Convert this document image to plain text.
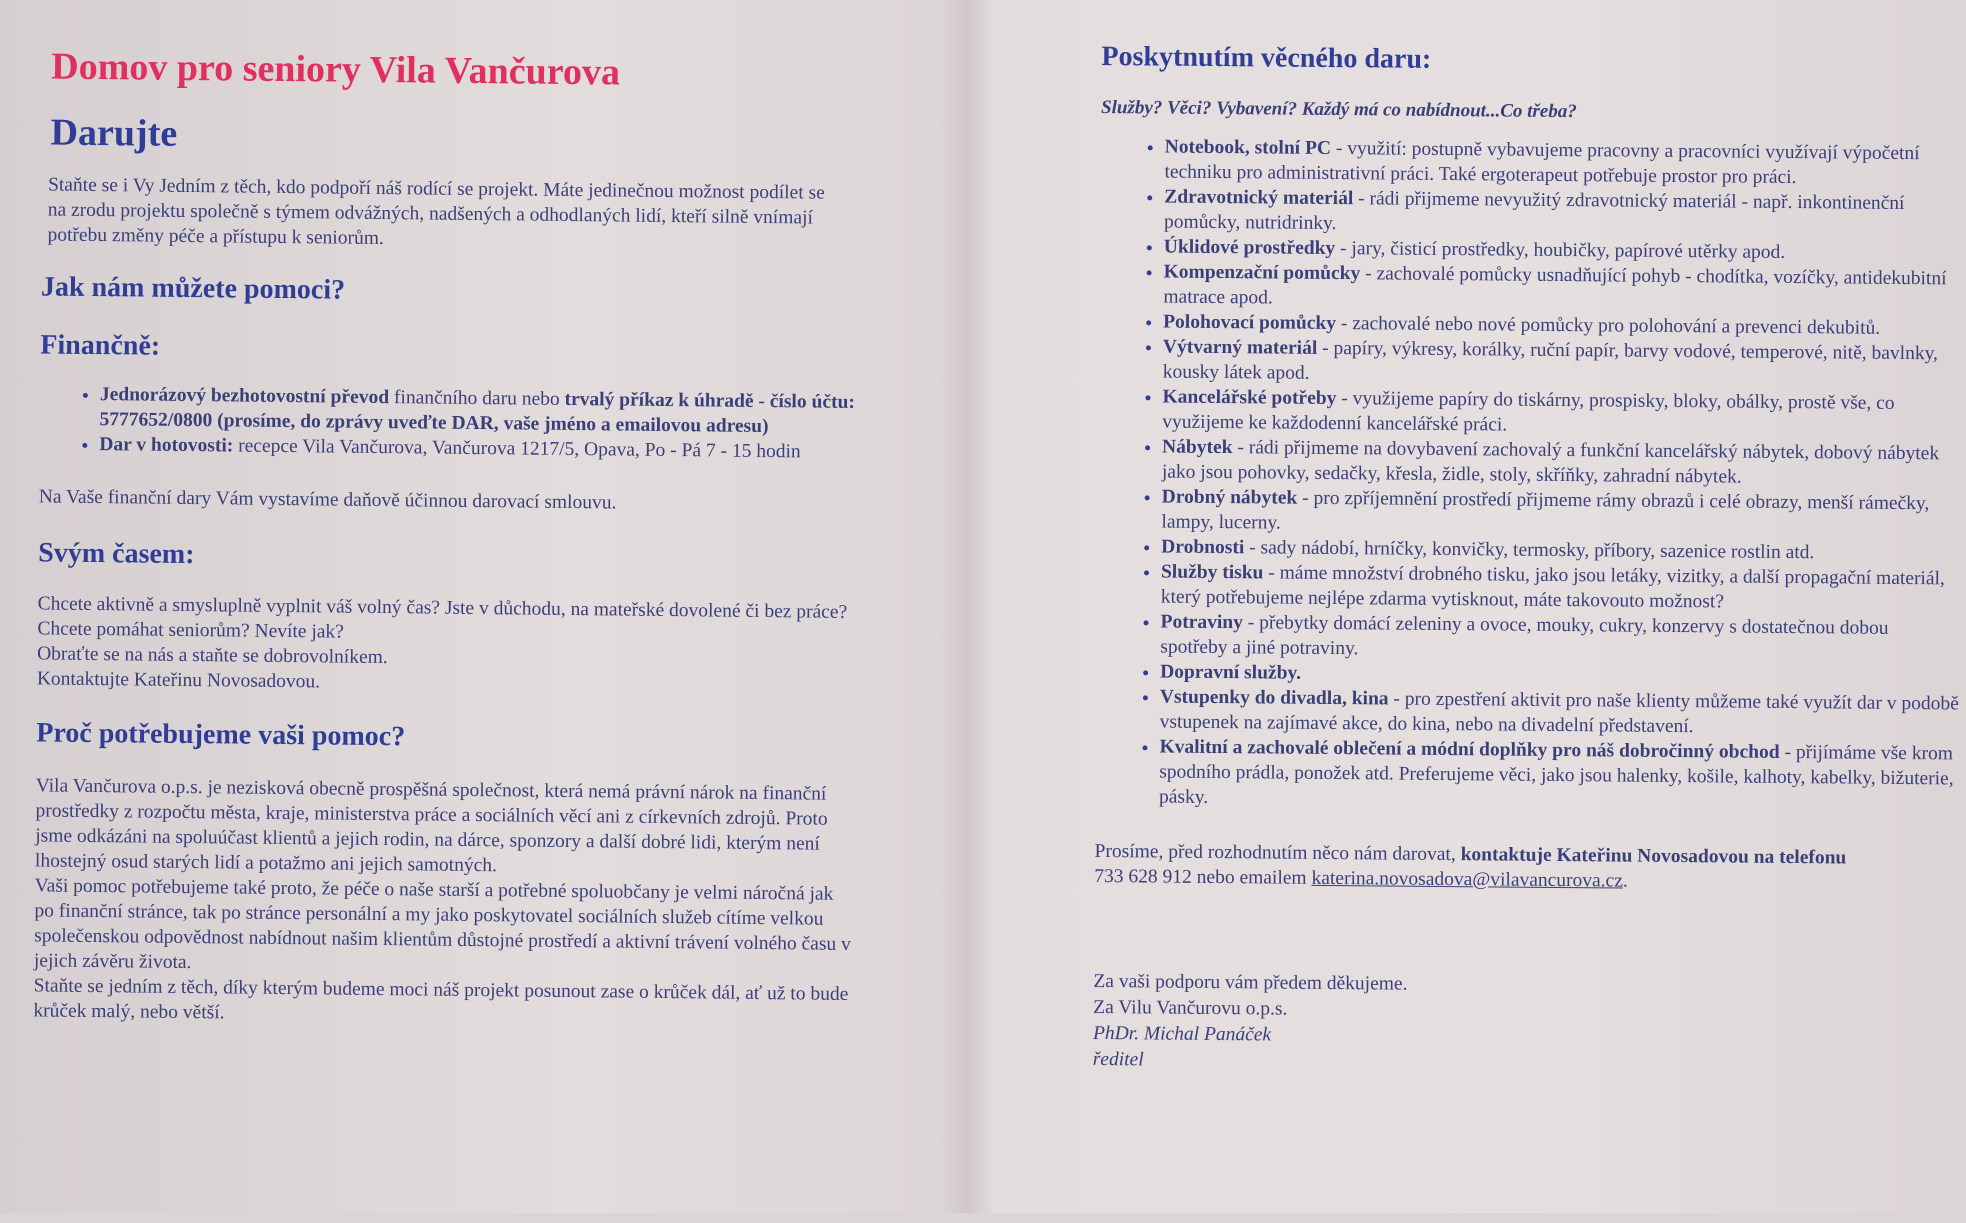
Domov pro seniory Vila Vančurova
Darujte

Staňte se i Vy Jedním z těch, kdo podpoří náš rodící se projekt. Máte jedinečnou možnost podílet se na zrodu projektu společně s týmem odvážných, nadšených a odhodlaných lidí, kteří silně vnímají potřebu změny péče a přístupu k seniorům.

Jak nám můžete pomoci?
Finančně:
• Jednorázový bezhotovostní převod finančního daru nebo trvalý příkaz k úhradě - číslo účtu: 5777652/0800 (prosíme, do zprávy uveďte DAR, vaše jméno a emailovou adresu)
• Dar v hotovosti: recepce Vila Vančurova, Vančurova 1217/5, Opava, Po - Pá 7 - 15 hodin

Na Vaše finanční dary Vám vystavíme daňově účinnou darovací smlouvu.

Svým časem:

Chcete aktivně a smysluplně vyplnit váš volný čas? Jste v důchodu, na mateřské dovolené či bez práce? Chcete pomáhat seniorům? Nevíte jak?

Obraťte se na nás a staňte se dobrovolníkem.

Kontaktujte Kateřinu Novosadovou.

Proč potřebujeme vaši pomoc?

Vila Vančurova o.p.s. je nezisková obecně prospěšná společnost, která nemá právní nárok na finanční prostředky z rozpočtu města, kraje, ministerstva práce a sociálních věcí ani z církevních zdrojů. Proto jsme odkázáni na spoluúčast klientů a jejich rodin, na dárce, sponzory a další dobré lidi, kterým není lhostejný osud starých lidí a potažmo ani jejich samotných.

Vaši pomoc potřebujeme také proto, že péče o naše starší a potřebné spoluobčany je velmi náročná jak po finanční stránce, tak po stránce personální a my jako poskytovatel sociálních služeb cítíme velkou společenskou odpovědnost nabídnout našim klientům důstojné prostředí a aktivní trávení volného času v jejich závěru života.

Staňte se jedním z těch, díky kterým budeme moci náš projekt posunout zase o krůček dál, ať už to bude krůček malý, nebo větší.

Poskytnutím věcného daru:

Služby? Věci? Vybavení? Každý má co nabídnout...Co třeba?

• Notebook, stolní PC - využití: postupně vybavujeme pracovny a pracovníci využívají výpočetní techniku pro administrativní práci. Také ergoterapeut potřebuje prostor pro práci.
• Zdravotnický materiál - rádi přijmeme nevyužitý zdravotnický materiál - např. inkontinenční pomůcky, nutridrinky.
• Úklidové prostředky - jary, čisticí prostředky, houbičky, papírové utěrky apod.
• Kompenzační pomůcky - zachovalé pomůcky usnadňující pohyb - chodítka, vozíčky, antidekubitní matrace apod.
• Polohovací pomůcky - zachovalé nebo nové pomůcky pro polohování a prevenci dekubitů.
• Výtvarný materiál - papíry, výkresy, korálky, ruční papír, barvy vodové, temperové, nitě, bavlnky, kousky látek apod.
• Kancelářské potřeby - využijeme papíry do tiskárny, prospisky, bloky, obálky, prostě vše, co využijeme ke každodenní kancelářské práci.
• Nábytek - rádi přijmeme na dovybavení zachovalý a funkční kancelářský nábytek, dobový nábytek jako jsou pohovky, sedačky, křesla, židle, stoly, skříňky, zahradní nábytek.
• Drobný nábytek - pro zpříjemnění prostředí přijmeme rámy obrazů i celé obrazy, menší rámečky, lampy, lucerny.
• Drobnosti - sady nádobí, hrníčky, konvičky, termosky, příbory, sazenice rostlin atd.
• Služby tisku - máme množství drobného tisku, jako jsou letáky, vizitky, a další propagační materiál, který potřebujeme nejlépe zdarma vytisknout, máte takovouto možnost?
• Potraviny - přebytky domácí zeleniny a ovoce, mouky, cukry, konzervy s dostatečnou dobou spotřeby a jiné potraviny.
• Dopravní služby.
• Vstupenky do divadla, kina - pro zpestření aktivit pro naše klienty můžeme také využít dar v podobě vstupenek na zajímavé akce, do kina, nebo na divadelní představení.
• Kvalitní a zachovalé oblečení a módní doplňky pro náš dobročinný obchod - přijímáme vše krom spodního prádla, ponožek atd. Preferujeme věci, jako jsou halenky, košile, kalhoty, kabelky, bižuterie, pásky.

Prosíme, před rozhodnutím něco nám darovat, kontaktuje Kateřinu Novosadovou na telefonu 733 628 912 nebo emailem katerina.novosadova@vilavancurova.cz.

Za vaši podporu vám předem děkujeme.

Za Vilu Vančurovu o.p.s.

PhDr. Michal Panáček

ředitel
